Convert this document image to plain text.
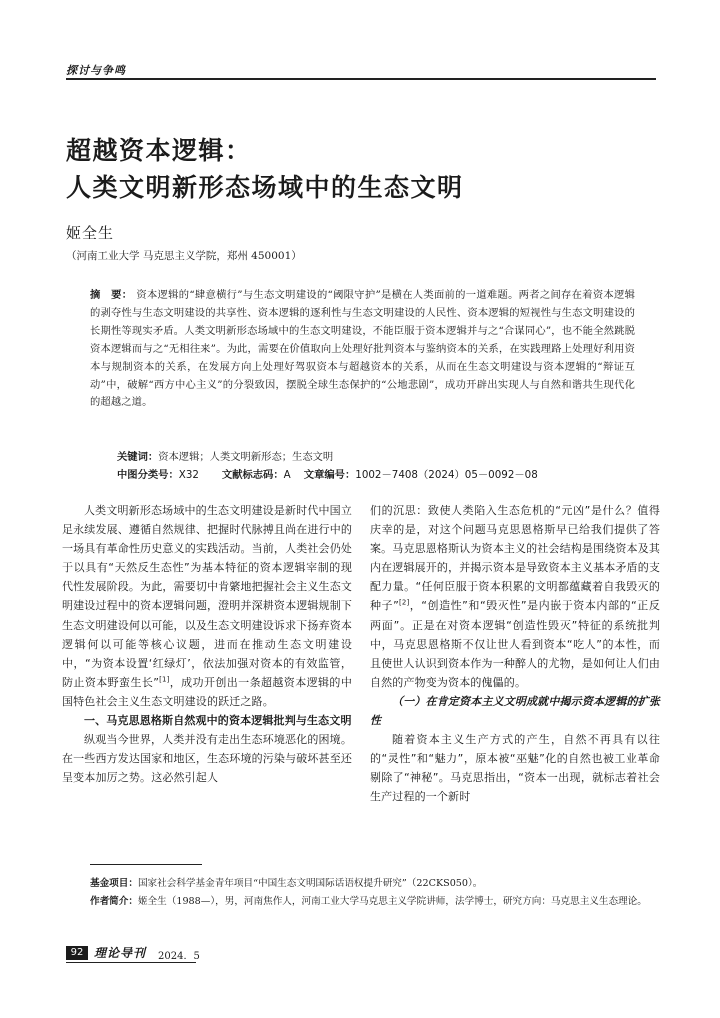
探讨与争鸣
超越资本逻辑：
人类文明新形态场域中的生态文明
姬全生
（河南工业大学 马克思主义学院，郑州 450001）
摘　要： 资本逻辑的“肆意横行”与生态文明建设的“阈限守护”是横在人类面前的一道难题。两者之间存在着资本逻辑的剥夺性与生态文明建设的共享性、资本逻辑的逐利性与生态文明建设的人民性、资本逻辑的短视性与生态文明建设的长期性等现实矛盾。人类文明新形态场域中的生态文明建设，不能臣服于资本逻辑并与之“合谋同心”，也不能全然跳脱资本逻辑而与之“无相往来”。为此，需要在价值取向上处理好批判资本与鉴纳资本的关系，在实践理路上处理好利用资本与规制资本的关系，在发展方向上处理好驾驭资本与超越资本的关系，从而在生态文明建设与资本逻辑的“辩证互动”中，破解“西方中心主义”的分裂致因，摆脱全球生态保护的“公地悲剧”，成功开辟出实现人与自然和谐共生现代化的超越之道。
关键词：资本逻辑；人类文明新形态；生态文明
中图分类号：X32 文献标志码：A 文章编号：1002－7408（2024）05－0092－08

人类文明新形态场域中的生态文明建设是新时代中国立足永续发展、遵循自然规律、把握时代脉搏且尚在进行中的一场具有革命性历史意义的实践活动。当前，人类社会仍处于以具有“天然反生态性”为基本特征的资本逻辑宰制的现代性发展阶段。为此，需要切中肯綮地把握社会主义生态文明建设过程中的资本逻辑问题，澄明并深耕资本逻辑规制下生态文明建设何以可能，以及生态文明建设诉求下扬弃资本逻辑何以可能等核心议题，进而在推动生态文明建设中，“为资本设置‘红绿灯’，依法加强对资本的有效监管，防止资本野蛮生长”[1]，成功开创出一条超越资本逻辑的中国特色社会主义生态文明建设的跃迁之路。

一、马克思恩格斯自然观中的资本逻辑批判与生态文明

纵观当今世界，人类并没有走出生态环境恶化的困境。在一些西方发达国家和地区，生态环境的污染与破坏甚至还呈变本加厉之势。这必然引起人

们的沉思：致使人类陷入生态危机的“元凶”是什么？值得庆幸的是，对这个问题马克思恩格斯早已给我们提供了答案。马克思恩格斯认为资本主义的社会结构是围绕资本及其内在逻辑展开的，并揭示资本是导致资本主义基本矛盾的支配力量。“任何臣服于资本积累的文明都蕴藏着自我毁灭的种子”[2]，“创造性”和“毁灭性”是内嵌于资本内部的“正反两面”。正是在对资本逻辑“创造性毁灭”特征的系统批判中，马克思恩格斯不仅让世人看到资本“吃人”的本性，而且使世人认识到资本作为一种醉人的尤物，是如何让人们由自然的产物变为资本的傀儡的。

（一）在肯定资本主义文明成就中揭示资本逻辑的扩张性

随着资本主义生产方式的产生，自然不再具有以往的“灵性”和“魅力”，原本被“巫魅”化的自然也被工业革命剔除了“神秘”。马克思指出，“资本一出现，就标志着社会生产过程的一个新时

基金项目：国家社会科学基金青年项目“中国生态文明国际话语权提升研究”（22CKS050）。
作者简介：姬全生（1988—），男，河南焦作人，河南工业大学马克思主义学院讲师，法学博士，研究方向：马克思主义生态理论。
92 理论导刊 2024．5
